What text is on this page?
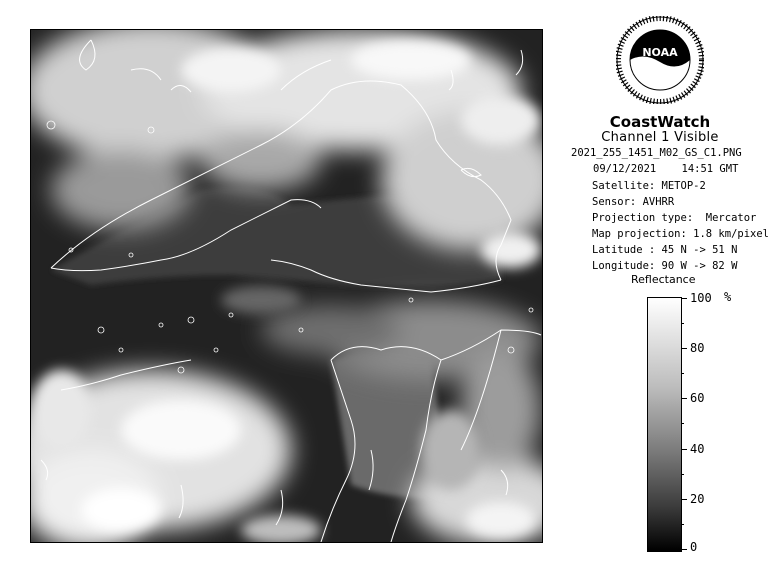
NOAA
CoastWatch
Channel 1 Visible
2021_255_1451_M02_GS_C1.PNG
09/12/2021    14:51 GMT
Satellite: METOP-2
Sensor: AVHRR
Projection type:  Mercator
Map projection: 1.8 km/pixel
Latitude : 45 N -> 51 N
Longitude: 90 W -> 82 W
Reflectance
%
100
80
60
40
20
0
